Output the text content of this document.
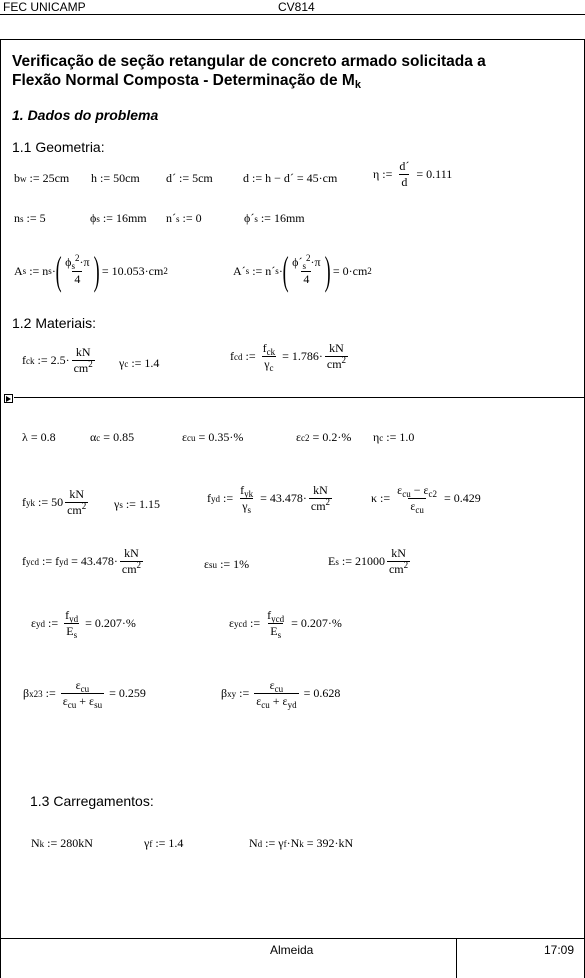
FEC UNICAMP	CV814
Verificação de seção retangular de concreto armado solicitada a
Flexão Normal Composta - Determinação de $M_k$
1. Dados do problema
1.1 Geometria:
b w := 25cm h := 50cm d´ := 5cm	d := h − d´ = 45·cm	η := $\frac{d´}{d}$
= 0.111
n s := 5	ϕ s := 16mm n´ s := 0	ϕ´ s := 16mm
A s := n s · ( $\frac{\phi_s^2\cdot\pi}{4}$ )
= 10.053·cm 2	A´ s := n´ s · ( $\frac{\phi´_s^2\cdot\pi}{4}$ )
= 0·cm 2
1.2 Materiais:
f ck := $2.5\cdot \frac{kN}{cm^2}$ γ c := 1.4	f cd := $\frac{f_{ck}}{\gamma_c}$
= $1.786\cdot \frac{kN}{cm^2}$
λ = 0.8	α c = 0.85	ε cu = 0.35·%	ε c2 = 0.2·% η c := 1.0
f yk := $50 \frac{kN}{cm^2}$ γ s := 1.15	f yd := $\frac{f_{yk}}{\gamma_s}$
= $43.478\cdot \frac{kN}{cm^2}$	κ := $\frac{\varepsilon_{cu} - \varepsilon_{c2}}{\varepsilon_{cu}}$
= 0.429
f ycd := f yd
= $43.478\cdot \frac{kN}{cm^2}$	ε su := 1%	E s := $21000 \frac{kN}{cm^2}$
ε yd := $\frac{f_{yd}}{E_s}$
= 0.207·%	ε ycd := $\frac{f_{ycd}}{E_s}$
= 0.207·%
β x23 := $\frac{\varepsilon_{cu}}{\varepsilon_{cu} + \varepsilon_{su}}$
= 0.259	β xy := $\frac{\varepsilon_{cu}}{\varepsilon_{cu} + \varepsilon_{yd}}$
= 0.628
1.3 Carregamentos:
N k := 280kN	γ f := 1.4	N d := γ f ·N k
= 392·kN
Almeida	17:09
